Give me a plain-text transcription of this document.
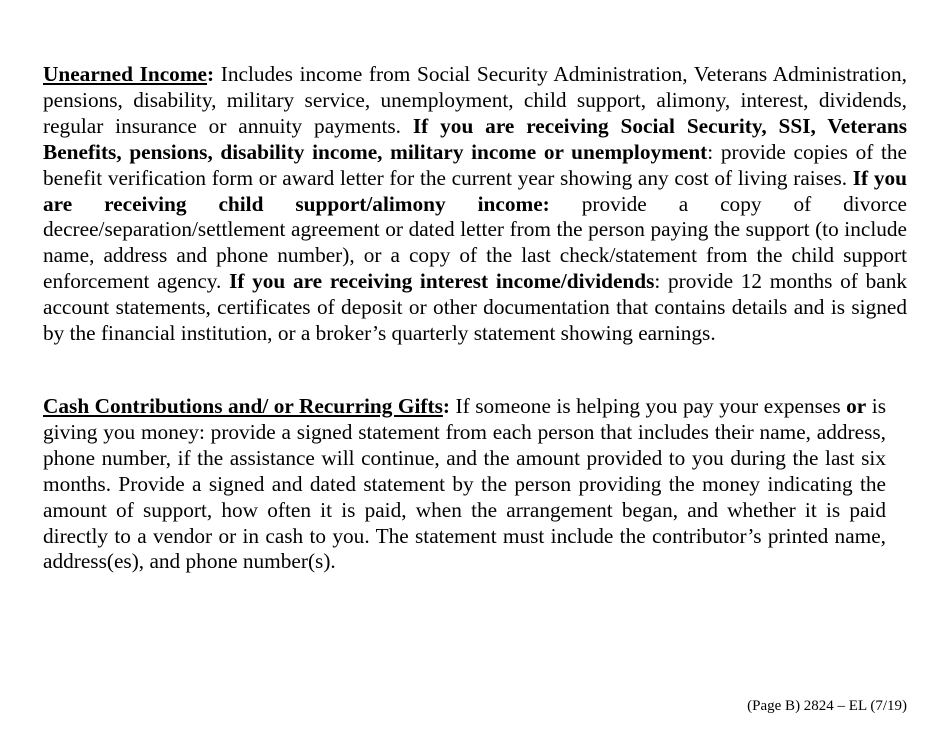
Unearned Income: Includes income from Social Security Administration, Veterans Administration, pensions, disability, military service, unemployment, child support, alimony, interest, dividends, regular insurance or annuity payments. If you are receiving Social Security, SSI, Veterans Benefits, pensions, disability income, military income or unemployment: provide copies of the benefit verification form or award letter for the current year showing any cost of living raises. If you are receiving child support/alimony income: provide a copy of divorce decree/separation/settlement agreement or dated letter from the person paying the support (to include name, address and phone number), or a copy of the last check/statement from the child support enforcement agency. If you are receiving interest income/dividends: provide 12 months of bank account statements, certificates of deposit or other documentation that contains details and is signed by the financial institution, or a broker’s quarterly statement showing earnings.

Cash Contributions and/ or Recurring Gifts: If someone is helping you pay your expenses or is giving you money: provide a signed statement from each person that includes their name, address, phone number, if the assistance will continue, and the amount provided to you during the last six months. Provide a signed and dated statement by the person providing the money indicating the amount of support, how often it is paid, when the arrangement began, and whether it is paid directly to a vendor or in cash to you. The statement must include the contributor’s printed name, address(es), and phone number(s).

(Page B) 2824 – EL (7/19)
